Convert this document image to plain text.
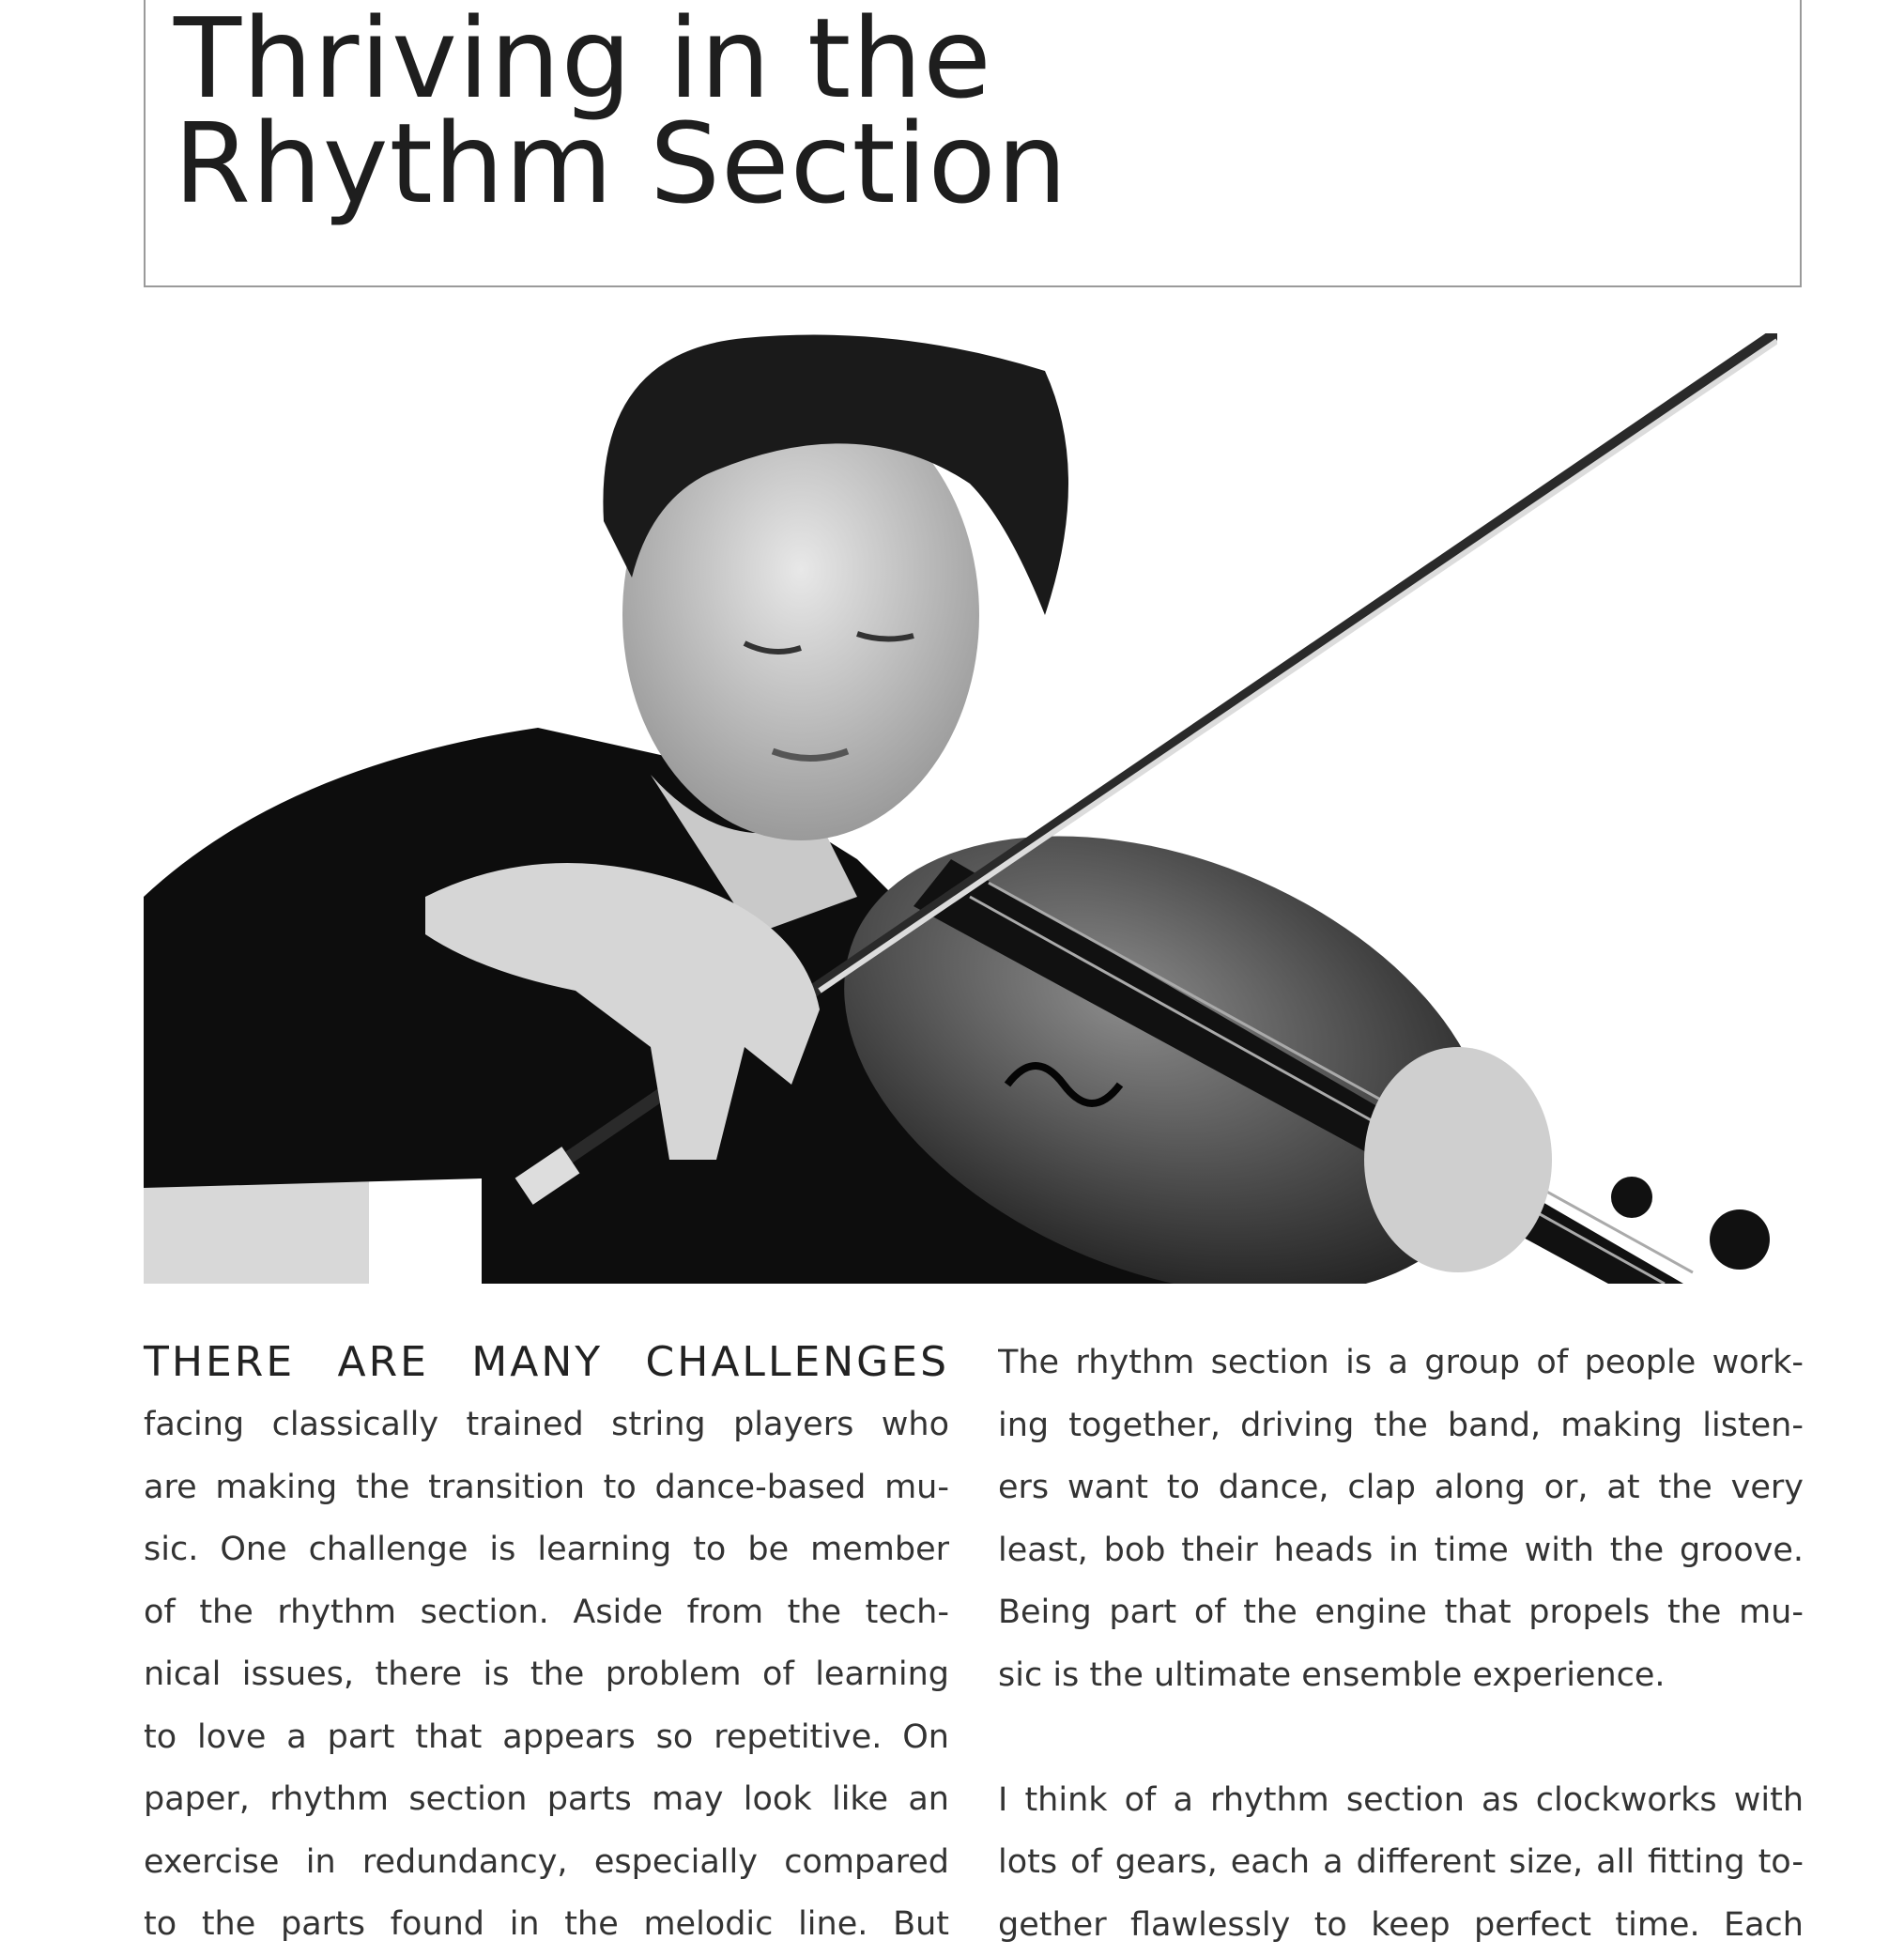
Thriving in the
Rhythm Section
THERE ARE MANY CHALLENGES

facing classically trained string players who
are making the transition to dance-based mu-
sic. One challenge is learning to be member
of the rhythm section. Aside from the tech-
nical issues, there is the problem of learning
to love a part that appears so repetitive. On
paper, rhythm section parts may look like an
exercise in redundancy, especially compared
to the parts found in the melodic line. But

The rhythm section is a group of people work-
ing together, driving the band, making listen-
ers want to dance, clap along or, at the very
least, bob their heads in time with the groove.
Being part of the engine that propels the mu-
sic is the ultimate ensemble experience.

I think of a rhythm section as clockworks with
lots of gears, each a different size, all fitting to-
gether flawlessly to keep perfect time. Each
